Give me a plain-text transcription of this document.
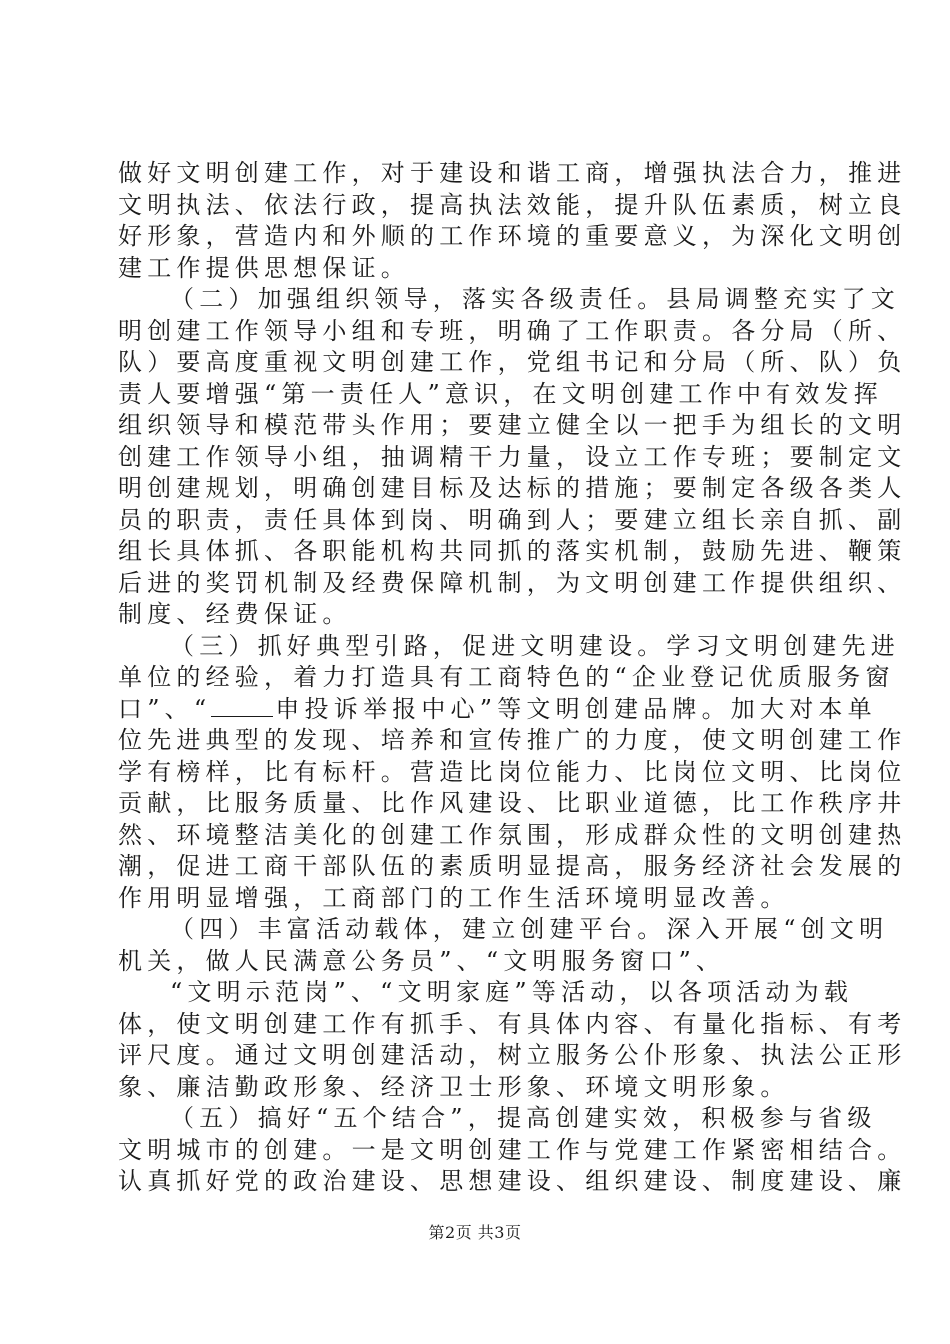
做好文明创建工作，对于建设和谐工商，增强执法合力，推进
文明执法、依法行政，提高执法效能，提升队伍素质，树立良
好形象，营造内和外顺的工作环境的重要意义，为深化文明创
建工作提供思想保证。
（二）加强组织领导，落实各级责任。县局调整充实了文
明创建工作领导小组和专班，明确了工作职责。各分局（所、
队）要高度重视文明创建工作，党组书记和分局（所、队）负
责人要增强“第一责任人”意识，在文明创建工作中有效发挥
组织领导和模范带头作用；要建立健全以一把手为组长的文明
创建工作领导小组，抽调精干力量，设立工作专班；要制定文
明创建规划，明确创建目标及达标的措施；要制定各级各类人
员的职责，责任具体到岗、明确到人；要建立组长亲自抓、副
组长具体抓、各职能机构共同抓的落实机制，鼓励先进、鞭策
后进的奖罚机制及经费保障机制，为文明创建工作提供组织、
制度、经费保证。
（三）抓好典型引路，促进文明建设。学习文明创建先进
单位的经验，着力打造具有工商特色的“企业登记优质服务窗
口”、“	申投诉举报中心”等文明创建品牌。加大对本单
位先进典型的发现、培养和宣传推广的力度，使文明创建工作
学有榜样，比有标杆。营造比岗位能力、比岗位文明、比岗位
贡献，比服务质量、比作风建设、比职业道德，比工作秩序井
然、环境整洁美化的创建工作氛围，形成群众性的文明创建热
潮，促进工商干部队伍的素质明显提高，服务经济社会发展的
作用明显增强，工商部门的工作生活环境明显改善。
（四）丰富活动载体，建立创建平台。深入开展“创文明
机关，做人民满意公务员”、“文明服务窗口”、
“文明示范岗”、“文明家庭”等活动，以各项活动为载
体，使文明创建工作有抓手、有具体内容、有量化指标、有考
评尺度。通过文明创建活动，树立服务公仆形象、执法公正形
象、廉洁勤政形象、经济卫士形象、环境文明形象。
（五）搞好“五个结合”，提高创建实效，积极参与省级
文明城市的创建。一是文明创建工作与党建工作紧密相结合。
认真抓好党的政治建设、思想建设、组织建设、制度建设、廉
第2页 共3页
